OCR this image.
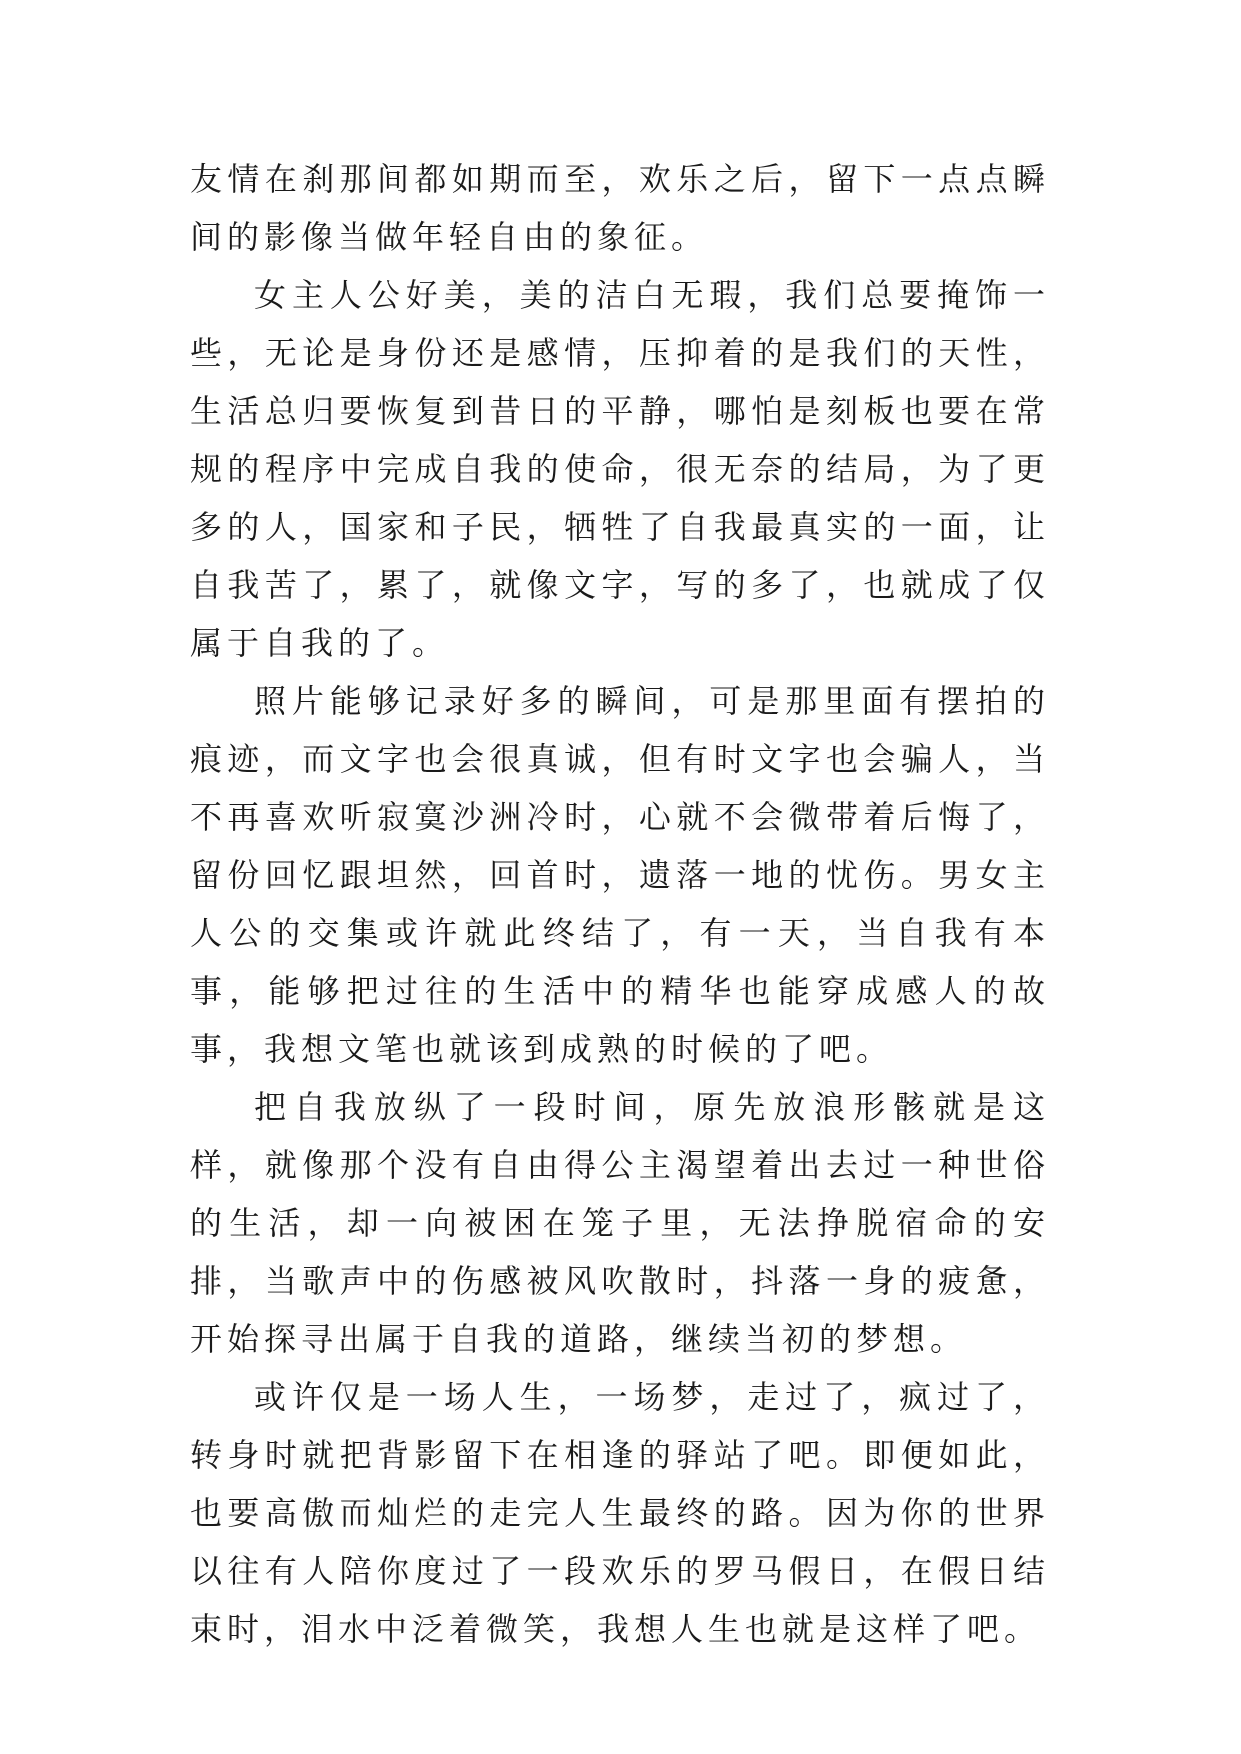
友情在刹那间都如期而至，欢乐之后，留下一点点瞬间的影像当做年轻自由的象征。

女主人公好美，美的洁白无瑕，我们总要掩饰一些，无论是身份还是感情，压抑着的是我们的天性，生活总归要恢复到昔日的平静，哪怕是刻板也要在常规的程序中完成自我的使命，很无奈的结局，为了更多的人，国家和子民，牺牲了自我最真实的一面，让自我苦了，累了，就像文字，写的多了，也就成了仅属于自我的了。

照片能够记录好多的瞬间，可是那里面有摆拍的痕迹，而文字也会很真诚，但有时文字也会骗人，当不再喜欢听寂寞沙洲冷时，心就不会微带着后悔了，留份回忆跟坦然，回首时，遗落一地的忧伤。男女主人公的交集或许就此终结了，有一天，当自我有本事，能够把过往的生活中的精华也能穿成感人的故事，我想文笔也就该到成熟的时候的了吧。

把自我放纵了一段时间，原先放浪形骸就是这样，就像那个没有自由得公主渴望着出去过一种世俗的生活，却一向被困在笼子里，无法挣脱宿命的安排，当歌声中的伤感被风吹散时，抖落一身的疲惫，开始探寻出属于自我的道路，继续当初的梦想。

或许仅是一场人生，一场梦，走过了，疯过了，转身时就把背影留下在相逢的驿站了吧。即便如此，也要高傲而灿烂的走完人生最终的路。因为你的世界以往有人陪你度过了一段欢乐的罗马假日，在假日结束时，泪水中泛着微笑，我想人生也就是这样了吧。
